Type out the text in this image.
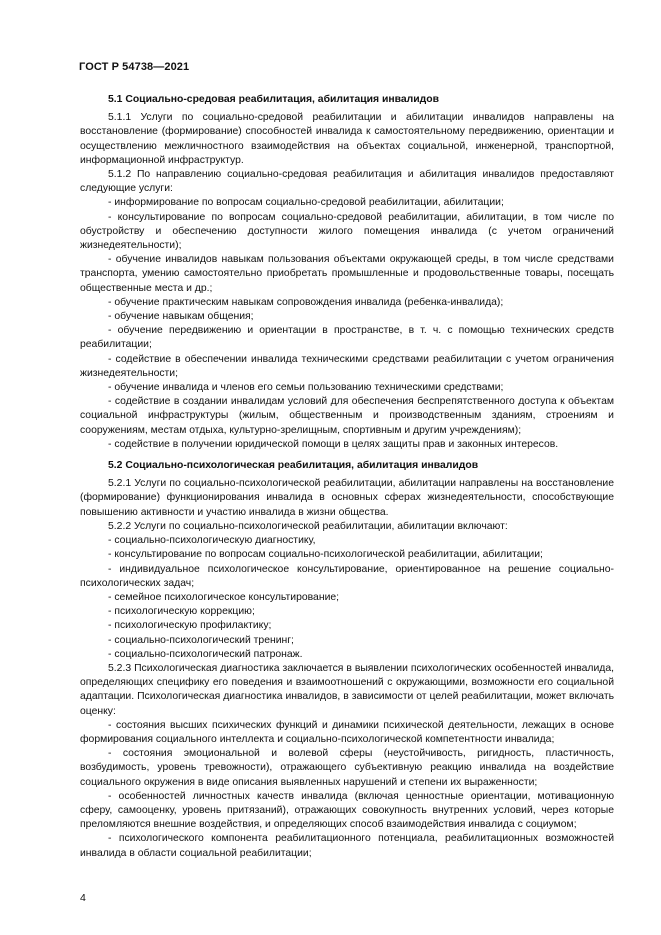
ГОСТ Р 54738—2021
5.1 Социально-средовая реабилитация, абилитация инвалидов

5.1.1 Услуги по социально-средовой реабилитации и абилитации инвалидов направлены на восстановление (формирование) способностей инвалида к самостоятельному передвижению, ориентации и осуществлению межличностного взаимодействия на объектах социальной, инженерной, транспортной, информационной инфраструктур.

5.1.2 По направлению социально-средовая реабилитация и абилитация инвалидов предоставляют следующие услуги:

- информирование по вопросам социально-средовой реабилитации, абилитации;

- консультирование по вопросам социально-средовой реабилитации, абилитации, в том числе по обустройству и обеспечению доступности жилого помещения инвалида (с учетом ограничений жизнедеятельности);

- обучение инвалидов навыкам пользования объектами окружающей среды, в том числе средствами транспорта, умению самостоятельно приобретать промышленные и продовольственные товары, посещать общественные места и др.;

- обучение практическим навыкам сопровождения инвалида (ребенка-инвалида);

- обучение навыкам общения;

- обучение передвижению и ориентации в пространстве, в т. ч. с помощью технических средств реабилитации;

- содействие в обеспечении инвалида техническими средствами реабилитации с учетом ограничения жизнедеятельности;

- обучение инвалида и членов его семьи пользованию техническими средствами;

- содействие в создании инвалидам условий для обеспечения беспрепятственного доступа к объектам социальной инфраструктуры (жилым, общественным и производственным зданиям, строениям и сооружениям, местам отдыха, культурно-зрелищным, спортивным и другим учреждениям);

- содействие в получении юридической помощи в целях защиты прав и законных интересов.

5.2 Социально-психологическая реабилитация, абилитация инвалидов

5.2.1 Услуги по социально-психологической реабилитации, абилитации направлены на восстановление (формирование) функционирования инвалида в основных сферах жизнедеятельности, способствующие повышению активности и участию инвалида в жизни общества.

5.2.2 Услуги по социально-психологической реабилитации, абилитации включают:

- социально-психологическую диагностику,

- консультирование по вопросам социально-психологической реабилитации, абилитации;

- индивидуальное психологическое консультирование, ориентированное на решение социально-психологических задач;

- семейное психологическое консультирование;

- психологическую коррекцию;

- психологическую профилактику;

- социально-психологический тренинг;

- социально-психологический патронаж.

5.2.3 Психологическая диагностика заключается в выявлении психологических особенностей инвалида, определяющих специфику его поведения и взаимоотношений с окружающими, возможности его социальной адаптации. Психологическая диагностика инвалидов, в зависимости от целей реабилитации, может включать оценку:

- состояния высших психических функций и динамики психической деятельности, лежащих в основе формирования социального интеллекта и социально-психологической компетентности инвалида;

- состояния эмоциональной и волевой сферы (неустойчивость, ригидность, пластичность, возбудимость, уровень тревожности), отражающего субъективную реакцию инвалида на воздействие социального окружения в виде описания выявленных нарушений и степени их выраженности;

- особенностей личностных качеств инвалида (включая ценностные ориентации, мотивационную сферу, самооценку, уровень притязаний), отражающих совокупность внутренних условий, через которые преломляются внешние воздействия, и определяющих способ взаимодействия инвалида с социумом;

- психологического компонента реабилитационного потенциала, реабилитационных возможностей инвалида в области социальной реабилитации;

4
